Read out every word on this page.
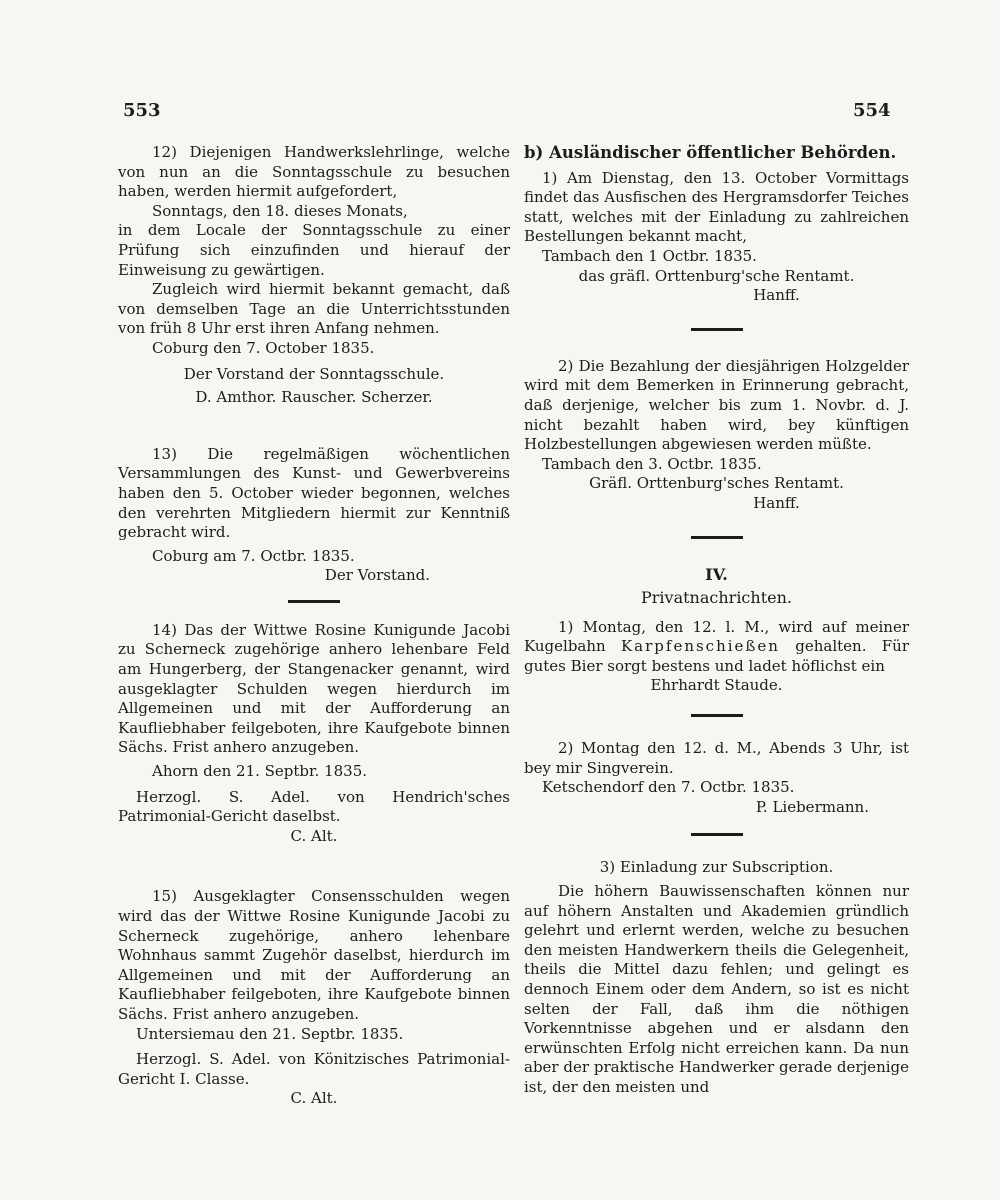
553	554

12) Diejenigen Handwerkslehrlinge, welche von nun an die Sonntagsschule zu besuchen haben, werden hiermit aufgefordert,

Sonntags, den 18. dieses Monats,

in dem Locale der Sonntagsschule zu einer Prüfung sich einzufinden und hierauf der Einweisung zu gewärtigen.

Zugleich wird hiermit bekannt gemacht, daß von demselben Tage an die Unterrichtsstunden von früh 8 Uhr erst ihren Anfang nehmen.

Coburg den 7. October 1835.

Der Vorstand der Sonntagsschule.

D. Amthor. Rauscher. Scherzer.

13) Die regelmäßigen wöchentlichen Versammlungen des Kunst- und Gewerbvereins haben den 5. October wieder begonnen, welches den verehrten Mitgliedern hiermit zur Kenntniß gebracht wird.

Coburg am 7. Octbr. 1835.

Der Vorstand.

14) Das der Wittwe Rosine Kunigunde Jacobi zu Scherneck zugehörige anhero lehenbare Feld am Hungerberg, der Stangenacker genannt, wird ausgeklagter Schulden wegen hierdurch im Allgemeinen und mit der Aufforderung an Kaufliebhaber feilgeboten, ihre Kaufgebote binnen Sächs. Frist anhero anzugeben.

Ahorn den 21. Septbr. 1835.

Herzogl. S. Adel. von Hendrich'sches Patrimonial-Gericht daselbst.

C. Alt.

15) Ausgeklagter Consensschulden wegen wird das der Wittwe Rosine Kunigunde Jacobi zu Scherneck zugehörige, anhero lehenbare Wohnhaus sammt Zugehör daselbst, hierdurch im Allgemeinen und mit der Aufforderung an Kaufliebhaber feilgeboten, ihre Kaufgebote binnen Sächs. Frist anhero anzugeben.

Untersiemau den 21. Septbr. 1835.

Herzogl. S. Adel. von Könitzisches Patrimonial-Gericht I. Classe.

C. Alt.

b) Ausländischer öffentlicher Behörden.

1) Am Dienstag, den 13. October Vormittags findet das Ausfischen des Hergramsdorfer Teiches statt, welches mit der Einladung zu zahlreichen Bestellungen bekannt macht,

Tambach den 1 Octbr. 1835.

das gräfl. Orttenburg'sche Rentamt.

Hanff.

2) Die Bezahlung der diesjährigen Holzgelder wird mit dem Bemerken in Erinnerung gebracht, daß derjenige, welcher bis zum 1. Novbr. d. J. nicht bezahlt haben wird, bey künftigen Holzbestellungen abgewiesen werden müßte.

Tambach den 3. Octbr. 1835.

Gräfl. Orttenburg'sches Rentamt.

Hanff.

IV.

Privatnachrichten.

1) Montag, den 12. l. M., wird auf meiner Kugelbahn Karpfenschießen gehalten. Für gutes Bier sorgt bestens und ladet höflichst ein

Ehrhardt Staude.

2) Montag den 12. d. M., Abends 3 Uhr, ist bey mir Singverein.

Ketschendorf den 7. Octbr. 1835.

P. Liebermann.

3) Einladung zur Subscription.

Die höhern Bauwissenschaften können nur auf höhern Anstalten und Akademien gründlich gelehrt und erlernt werden, welche zu besuchen den meisten Handwerkern theils die Gelegenheit, theils die Mittel dazu fehlen; und gelingt es dennoch Einem oder dem Andern, so ist es nicht selten der Fall, daß ihm die nöthigen Vorkenntnisse abgehen und er alsdann den erwünschten Erfolg nicht erreichen kann. Da nun aber der praktische Handwerker gerade derjenige ist, der den meisten und
